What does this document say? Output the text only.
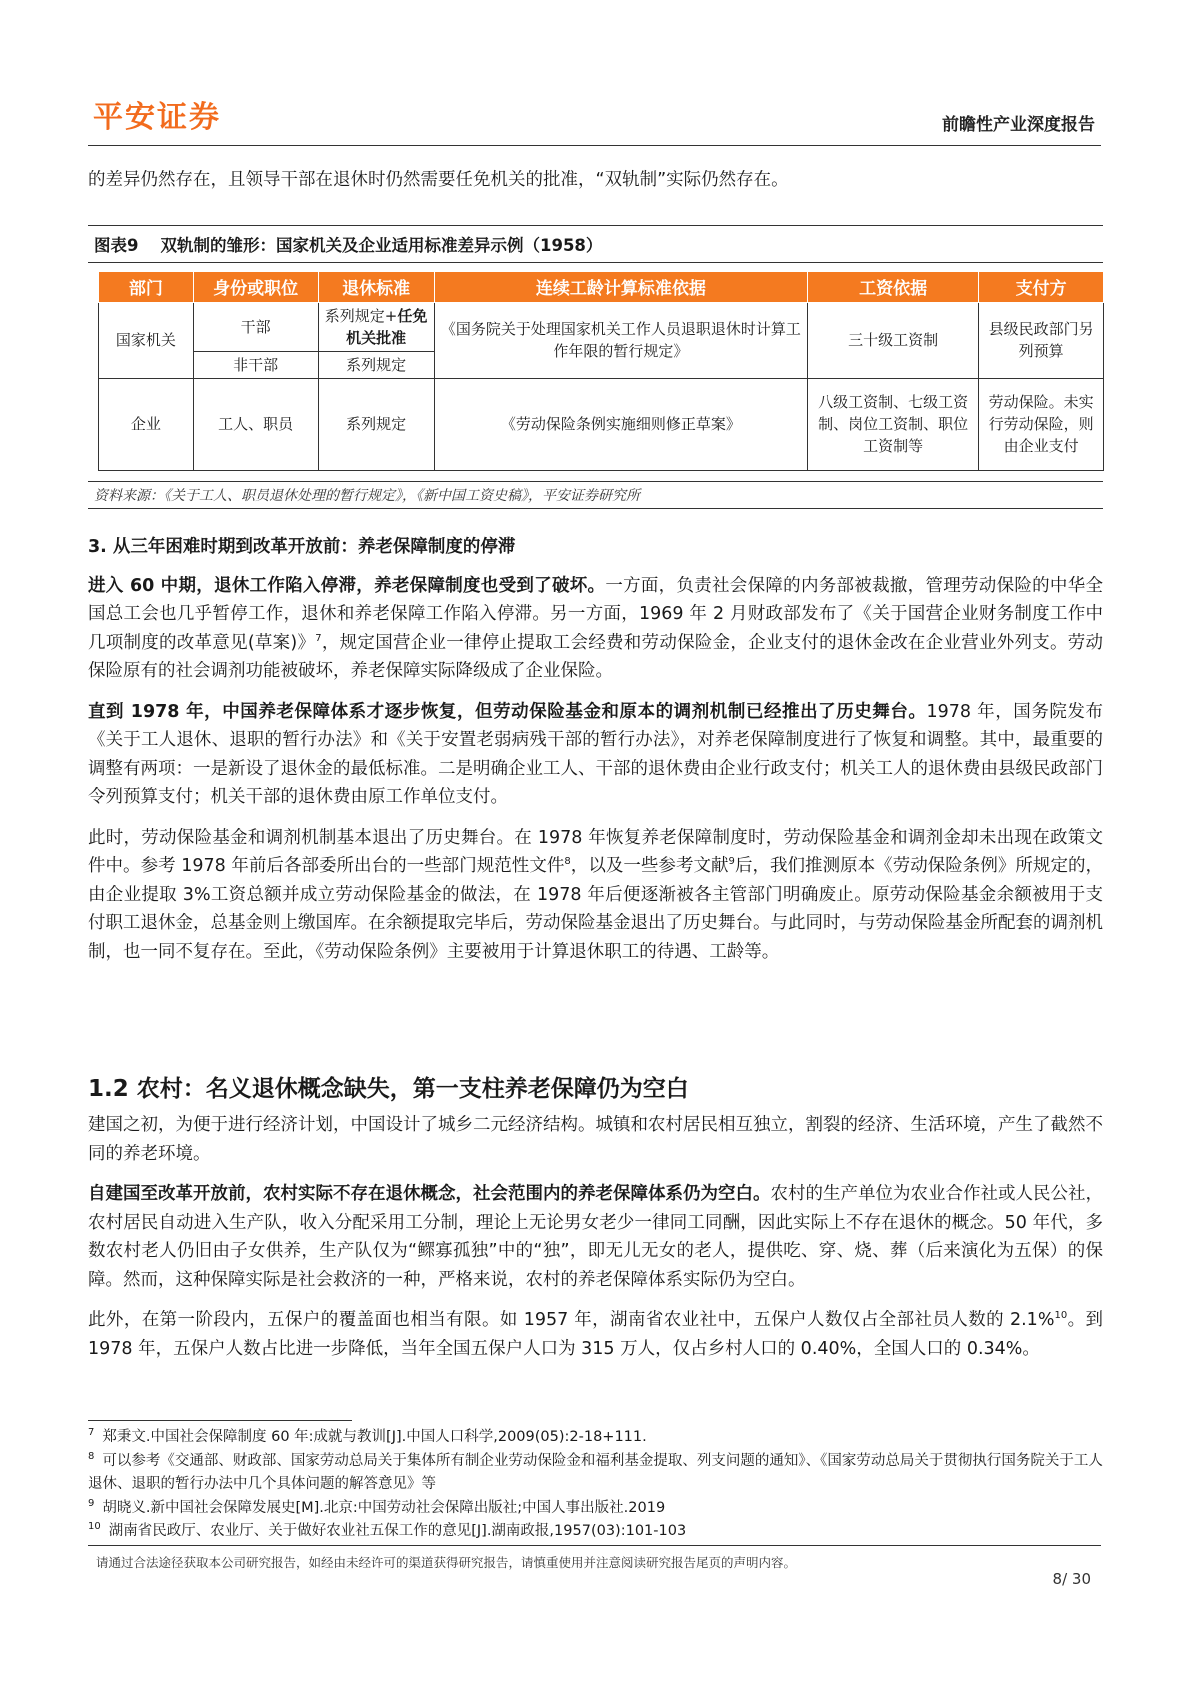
平安证券	前瞻性产业深度报告

的差异仍然存在，且领导干部在退休时仍然需要任免机关的批准，“双轨制”实际仍然存在。

图表9 双轨制的雏形：国家机关及企业适用标准差异示例（1958）
部门	身份或职位	退休标准	连续工龄计算标准依据	工资依据	支付方
国家机关	干部	系列规定+任免机关批准	《国务院关于处理国家机关工作人员退职退休时计算工作年限的暂行规定》	三十级工资制	县级民政部门另列预算
	非干部	系列规定			
企业	工人、职员	系列规定	《劳动保险条例实施细则修正草案》	八级工资制、七级工资制、岗位工资制、职位工资制等	劳动保险。未实行劳动保险，则由企业支付
资料来源：《关于工人、职员退休处理的暂行规定》，《新中国工资史稿》，平安证券研究所
3. 从三年困难时期到改革开放前：养老保障制度的停滞

进入 60 中期，退休工作陷入停滞，养老保障制度也受到了破坏。一方面，负责社会保障的内务部被裁撤，管理劳动保险的中华全国总工会也几乎暂停工作，退休和养老保障工作陷入停滞。另一方面，1969 年 2 月财政部发布了《关于国营企业财务制度工作中几项制度的改革意见(草案)》$^7$，规定国营企业一律停止提取工会经费和劳动保险金，企业支付的退休金改在企业营业外列支。劳动保险原有的社会调剂功能被破坏，养老保障实际降级成了企业保险。

直到 1978 年，中国养老保障体系才逐步恢复，但劳动保险基金和原本的调剂机制已经推出了历史舞台。1978 年，国务院发布《关于工人退休、退职的暂行办法》和《关于安置老弱病残干部的暂行办法》，对养老保障制度进行了恢复和调整。其中，最重要的调整有两项：一是新设了退休金的最低标准。二是明确企业工人、干部的退休费由企业行政支付；机关工人的退休费由县级民政部门令列预算支付；机关干部的退休费由原工作单位支付。

此时，劳动保险基金和调剂机制基本退出了历史舞台。在 1978 年恢复养老保障制度时，劳动保险基金和调剂金却未出现在政策文件中。参考 1978 年前后各部委所出台的一些部门规范性文件$^8$，以及一些参考文献$^9$后，我们推测原本《劳动保险条例》所规定的，由企业提取 3%工资总额并成立劳动保险基金的做法，在 1978 年后便逐渐被各主管部门明确废止。原劳动保险基金余额被用于支付职工退休金，总基金则上缴国库。在余额提取完毕后，劳动保险基金退出了历史舞台。与此同时，与劳动保险基金所配套的调剂机制，也一同不复存在。至此，《劳动保险条例》主要被用于计算退休职工的待遇、工龄等。

1.2 农村：名义退休概念缺失，第一支柱养老保障仍为空白

建国之初，为便于进行经济计划，中国设计了城乡二元经济结构。城镇和农村居民相互独立，割裂的经济、生活环境，产生了截然不同的养老环境。

自建国至改革开放前，农村实际不存在退休概念，社会范围内的养老保障体系仍为空白。农村的生产单位为农业合作社或人民公社，农村居民自动进入生产队，收入分配采用工分制，理论上无论男女老少一律同工同酬，因此实际上不存在退休的概念。50 年代，多数农村老人仍旧由子女供养，生产队仅为“鳏寡孤独”中的“独”，即无儿无女的老人，提供吃、穿、烧、葬（后来演化为五保）的保障。然而，这种保障实际是社会救济的一种，严格来说，农村的养老保障体系实际仍为空白。

此外，在第一阶段内，五保户的覆盖面也相当有限。如 1957 年，湖南省农业社中，五保户人数仅占全部社员人数的 2.1%$^{10}$。到 1978 年，五保户人数占比进一步降低，当年全国五保户人口为 315 万人，仅占乡村人口的 0.40%，全国人口的 0.34%。

$^7$ 郑秉文.中国社会保障制度 60 年:成就与教训[J].中国人口科学,2009(05):2-18+111.
$^8$ 可以参考《交通部、财政部、国家劳动总局关于集体所有制企业劳动保险金和福利基金提取、列支问题的通知》、《国家劳动总局关于贯彻执行国务院关于工人退休、退职的暂行办法中几个具体问题的解答意见》等
$^9$ 胡晓义.新中国社会保障发展史[M].北京:中国劳动社会保障出版社;中国人事出版社.2019
$^{10}$ 湖南省民政厅、农业厅、关于做好农业社五保工作的意见[J].湖南政报,1957(03):101-103
请通过合法途径获取本公司研究报告，如经由未经许可的渠道获得研究报告，请慎重使用并注意阅读研究报告尾页的声明内容。
8/ 30
